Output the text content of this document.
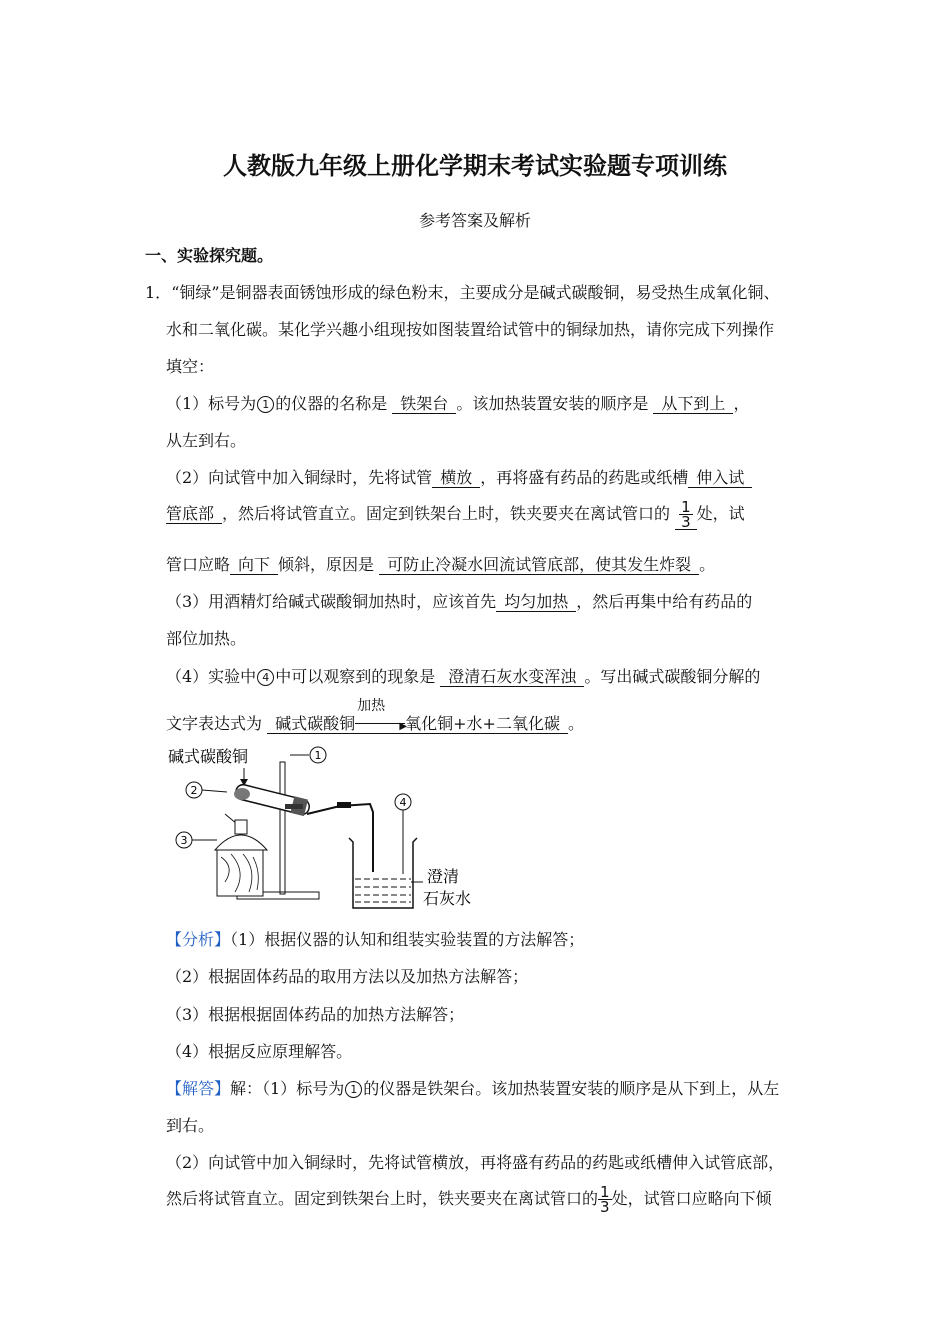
人教版九年级上册化学期末考试实验题专项训练
参考答案及解析
一、实验探究题。
1．“铜绿”是铜器表面锈蚀形成的绿色粉末，主要成分是碱式碳酸铜，易受热生成氧化铜、
水和二氧化碳。某化学兴趣小组现按如图装置给试管中的铜绿加热，请你完成下列操作
填空：
（1）标号为 1 的仪器的名称是 铁架台 。该加热装置安装的顺序是 从下到上 ，
从左到右。
（2）向试管中加入铜绿时，先将试管 横放 ，再将盛有药品的药匙或纸槽 伸入试
管底部 ，然后将试管直立。固定到铁架台上时，铁夹要夹在离试管口的 $\frac{1}{3}$ 处，试
管口应略 向下 倾斜，原因是 可防止冷凝水回流试管底部，使其发生炸裂 。
（3）用酒精灯给碱式碳酸铜加热时，应该首先 均匀加热 ，然后再集中给有药品的
部位加热。
（4）实验中 4 中可以观察到的现象是 澄清石灰水变浑浊 。写出碱式碳酸铜分解的
文字表达式为 碱式碳酸铜
加热
▶
氧化铜+水+二氧化碳 。
碱式碳酸铜	1
2
3
4
澄清
石灰水
【分析】（1）根据仪器的认知和组装实验装置的方法解答；
（2）根据固体药品的取用方法以及加热方法解答；
（3）根据根据固体药品的加热方法解答；
（4）根据反应原理解答。
【解答】解：（1）标号为 1 的仪器是铁架台。该加热装置安装的顺序是从下到上，从左
到右。
（2）向试管中加入铜绿时，先将试管横放，再将盛有药品的药匙或纸槽伸入试管底部，
然后将试管直立。固定到铁架台上时，铁夹要夹在离试管口的 $\frac{1}{3}$ 处，试管口应略向下倾
